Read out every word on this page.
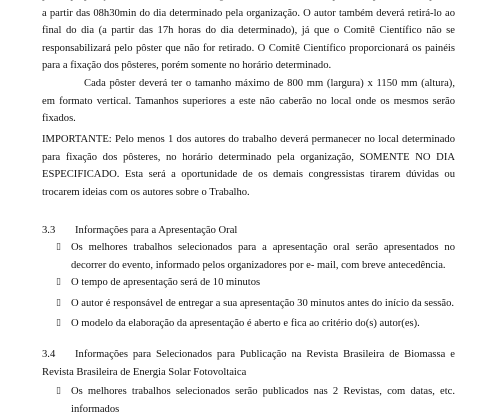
a partir das 08h30min do dia determinado pela organização. O autor também deverá retirá-lo ao final do dia (a partir das 17h horas do dia determinado), já que o Comitê Científico não se responsabilizará pelo pôster que não for retirado. O Comitê Científico proporcionará os painéis para a fixação dos pôsteres, porém somente no horário determinado.

Cada pôster deverá ter o tamanho máximo de 800 mm (largura) x 1150 mm (altura), em formato vertical. Tamanhos superiores a este não caberão no local onde os mesmos serão fixados.

IMPORTANTE: Pelo menos 1 dos autores do trabalho deverá permanecer no local determinado para fixação dos pôsteres, no horário determinado pela organização, SOMENTE NO DIA ESPECIFICADO. Esta será a oportunidade de os demais congressistas tirarem dúvidas ou trocarem ideias com os autores sobre o Trabalho.

3.3 Informações para a Apresentação Oral
▯ Os melhores trabalhos selecionados para a apresentação oral serão apresentados no decorrer do evento, informado pelos organizadores por e- mail, com breve antecedência.
▯ O tempo de apresentação será de 10 minutos
▯ O autor é responsável de entregar a sua apresentação 30 minutos antes do início da sessão.
▯ O modelo da elaboração da apresentação é aberto e fica ao critério do(s) autor(es).
3.4 Informações para Selecionados para Publicação na Revista Brasileira de Biomassa e Revista Brasileira de Energia Solar Fotovoltaica
▯ Os melhores trabalhos selecionados serão publicados nas 2 Revistas, com datas, etc. informados
